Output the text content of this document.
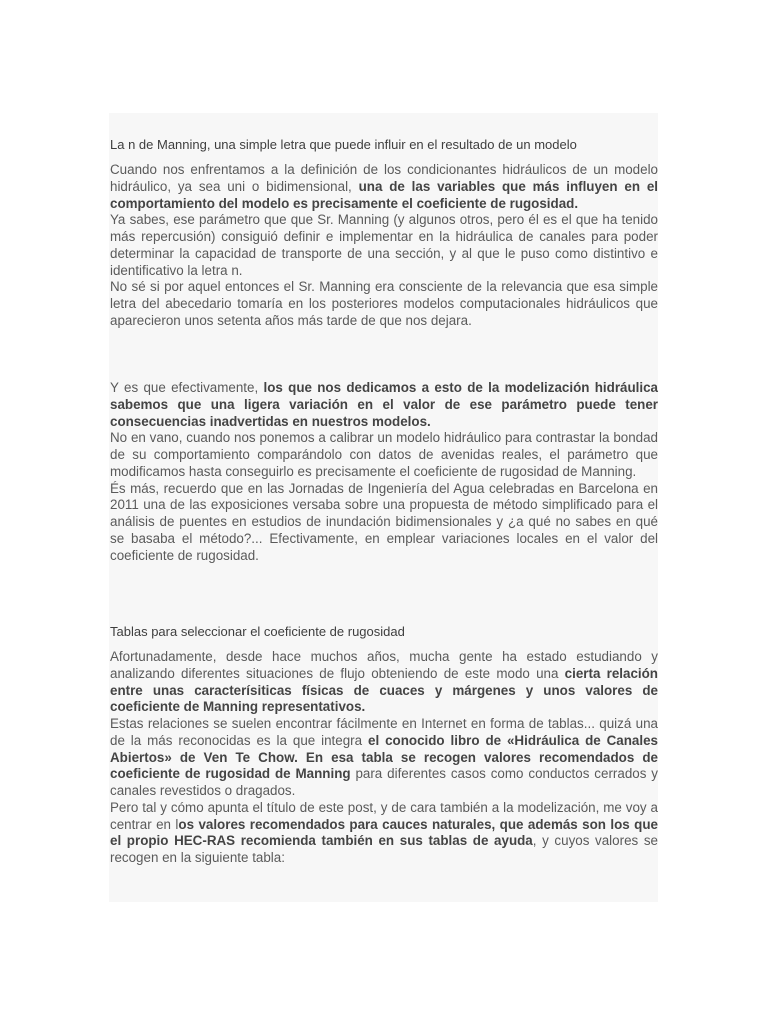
La n de Manning, una simple letra que puede influir en el resultado de un modelo

Cuando nos enfrentamos a la definición de los condicionantes hidráulicos de un modelo hidráulico, ya sea uni o bidimensional, una de las variables que más influyen en el comportamiento del modelo es precisamente el coeficiente de rugosidad.

Ya sabes, ese parámetro que que Sr. Manning (y algunos otros, pero él es el que ha tenido más repercusión) consiguió definir e implementar en la hidráulica de canales para poder determinar la capacidad de transporte de una sección, y al que le puso como distintivo e identificativo la letra n.

No sé si por aquel entonces el Sr. Manning era consciente de la relevancia que esa simple letra del abecedario tomaría en los posteriores modelos computacionales hidráulicos que aparecieron unos setenta años más tarde de que nos dejara.

Y es que efectivamente, los que nos dedicamos a esto de la modelización hidráulica sabemos que una ligera variación en el valor de ese parámetro puede tener consecuencias inadvertidas en nuestros modelos.

No en vano, cuando nos ponemos a calibrar un modelo hidráulico para contrastar la bondad de su comportamiento comparándolo con datos de avenidas reales, el parámetro que modificamos hasta conseguirlo es precisamente el coeficiente de rugosidad de Manning.

És más, recuerdo que en las Jornadas de Ingeniería del Agua celebradas en Barcelona en 2011 una de las exposiciones versaba sobre una propuesta de método simplificado para el análisis de puentes en estudios de inundación bidimensionales y ¿a qué no sabes en qué se basaba el método?... Efectivamente, en emplear variaciones locales en el valor del coeficiente de rugosidad.

Tablas para seleccionar el coeficiente de rugosidad

Afortunadamente, desde hace muchos años, mucha gente ha estado estudiando y analizando diferentes situaciones de flujo obteniendo de este modo una cierta relación entre unas caracterísiticas físicas de cuaces y márgenes y unos valores de coeficiente de Manning representativos.

Estas relaciones se suelen encontrar fácilmente en Internet en forma de tablas... quizá una de la más reconocidas es la que integra el conocido libro de «Hidráulica de Canales Abiertos» de Ven Te Chow. En esa tabla se recogen valores recomendados de coeficiente de rugosidad de Manning para diferentes casos como conductos cerrados y canales revestidos o dragados.

Pero tal y cómo apunta el título de este post, y de cara también a la modelización, me voy a centrar en los valores recomendados para cauces naturales, que además son los que el propio HEC-RAS recomienda también en sus tablas de ayuda, y cuyos valores se recogen en la siguiente tabla:
